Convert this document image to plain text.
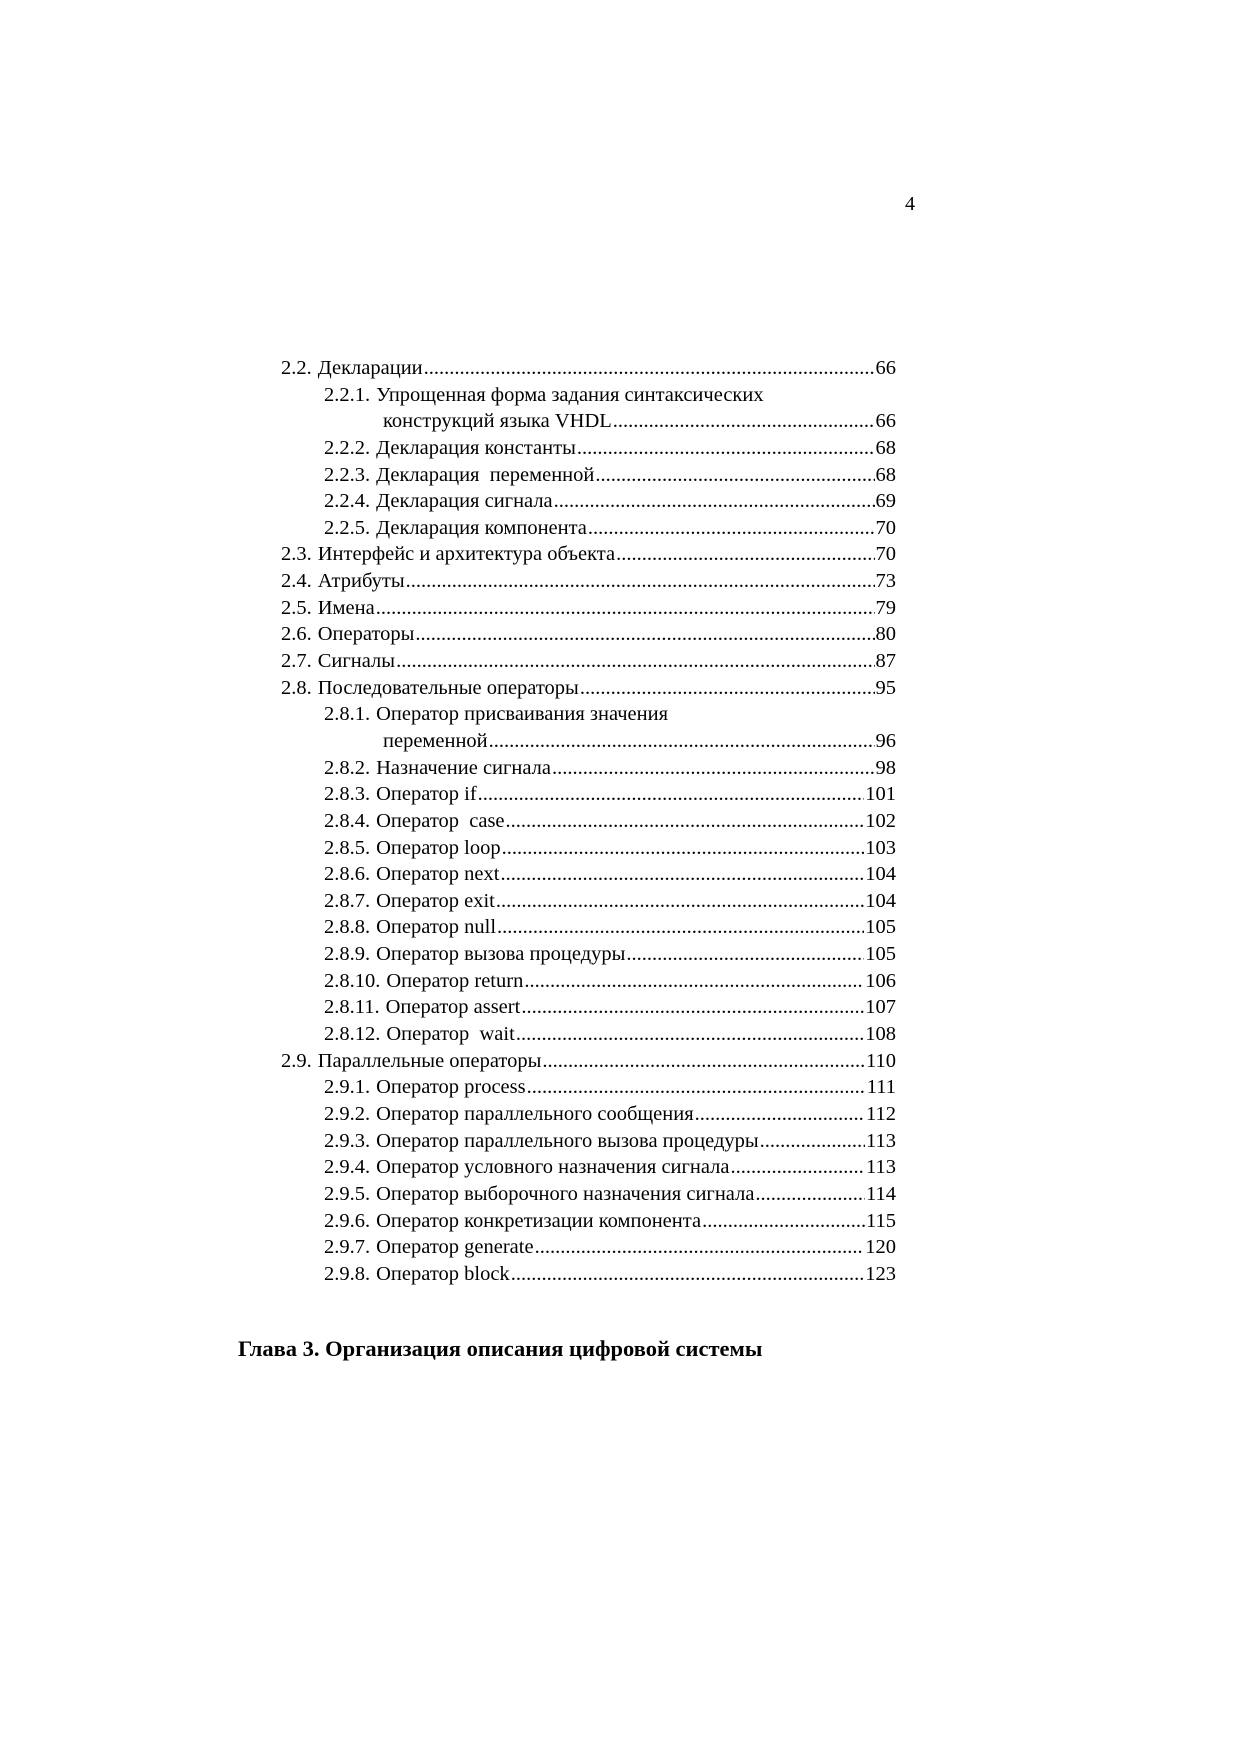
4
2.2. Декларации .....	66
2.2.1. Упрощенная форма задания синтаксических
конструкций языка VHDL .....	66
2.2.2. Декларация константы .....	68
2.2.3. Декларация  переменной .....	68
2.2.4. Декларация сигнала .....	69
2.2.5. Декларация компонента .....	70
2.3. Интерфейс и архитектура объекта .....	70
2.4. Атрибуты .....	73
2.5. Имена .....	79
2.6. Операторы .....	80
2.7. Сигналы .....	87
2.8. Последовательные операторы .....	95
2.8.1. Оператор присваивания значения
переменной .....	96
2.8.2. Назначение сигнала .....	98
2.8.3. Оператор if .....	101
2.8.4. Оператор  case .....	102
2.8.5. Оператор loop .....	103
2.8.6. Оператор next .....	104
2.8.7. Оператор exit .....	104
2.8.8. Оператор null .....	105
2.8.9. Оператор вызова процедуры .....	105
2.8.10. Оператор return .....	106
2.8.11. Оператор assert .....	107
2.8.12. Оператор  wait .....	108
2.9. Параллельные операторы .....	110
2.9.1. Оператор process .....	111
2.9.2. Оператор параллельного сообщения .....	112
2.9.3. Оператор параллельного вызова процедуры .....	113
2.9.4. Оператор условного назначения сигнала .....	113
2.9.5. Оператор выборочного назначения сигнала .....	114
2.9.6. Оператор конкретизации компонента .....	115
2.9.7. Оператор generate .....	120
2.9.8. Оператор block .....	123
Глава 3. Организация описания цифровой системы
